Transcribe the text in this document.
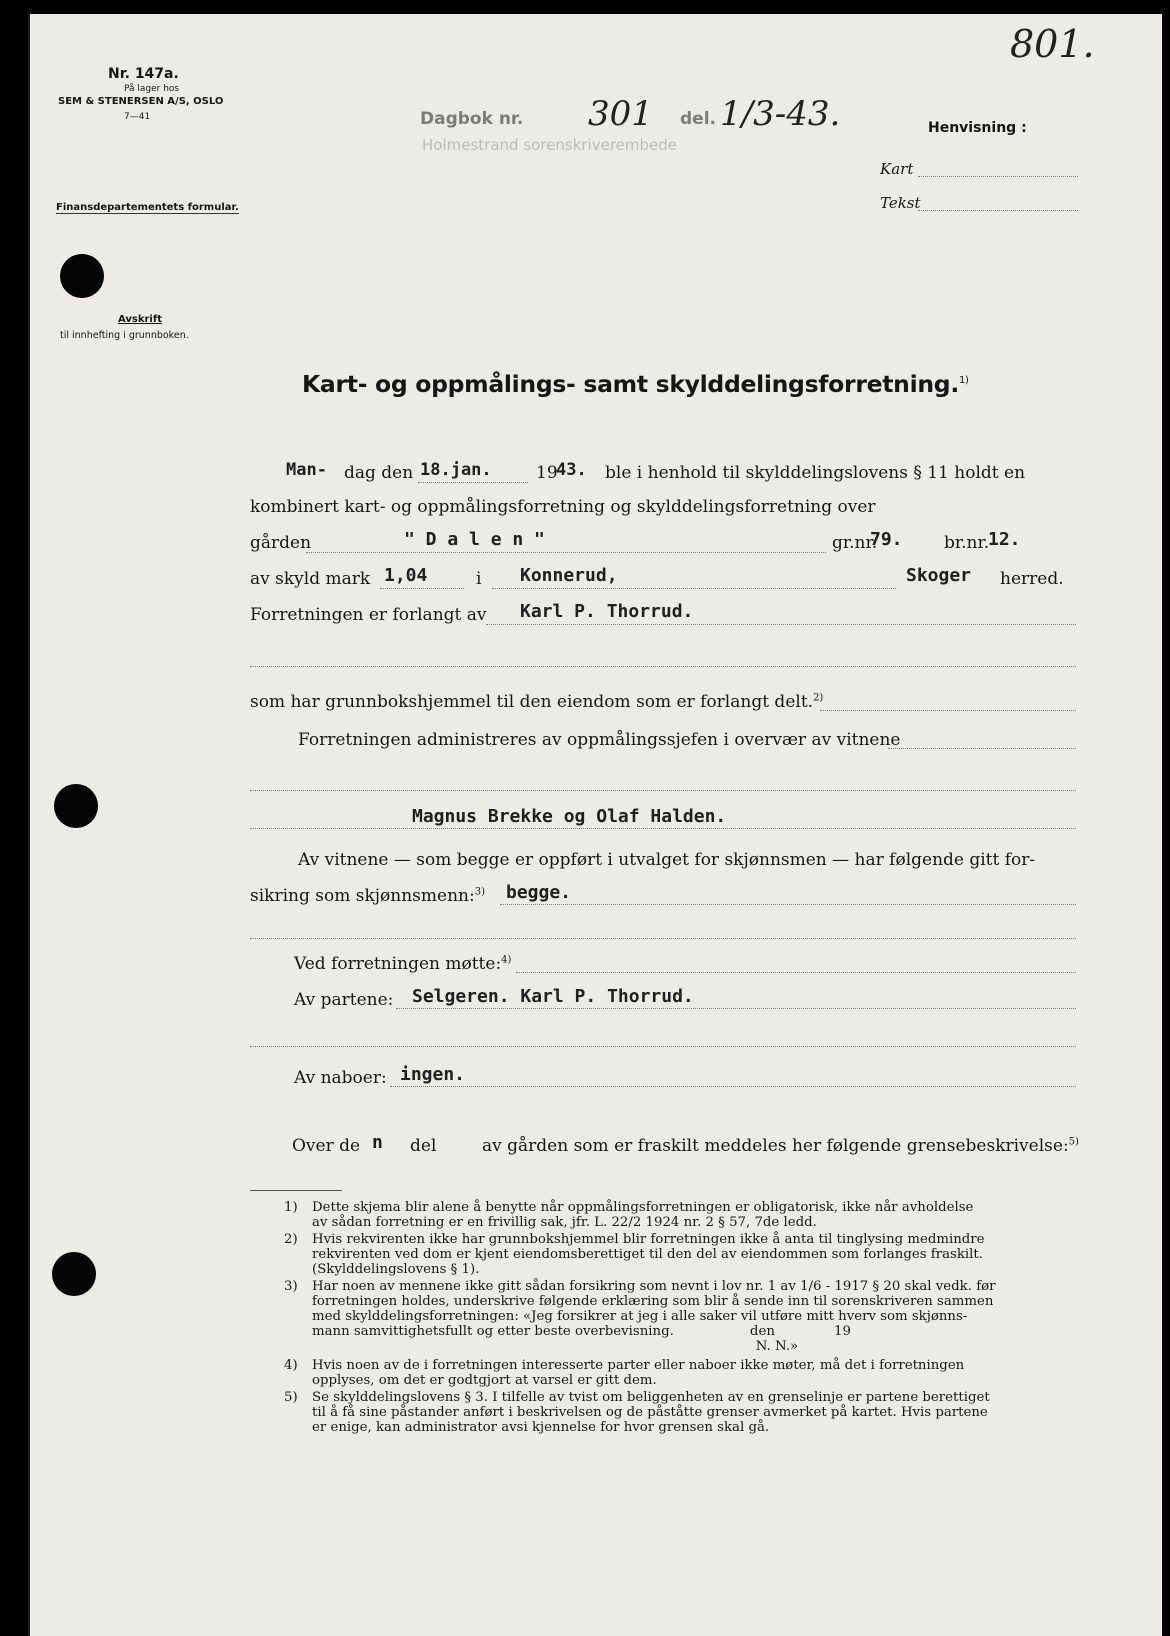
801.
Nr. 147a.
På lager hos
SEM & STENERSEN A/S, OSLO
7—41
Finansdepartementets formular.
Avskrift
til innhefting i grunnboken.
Dagbok nr. 301 del. 1/3-43.
Holmestrand sorenskriverembede
Henvisning :
Kart
Tekst
Kart- og oppmålings- samt skylddelingsforretning.$^{1)}$
Man- dag den 18.jan.	19
43. ble i henhold til skylddelingslovens § 11 holdt en
kombinert kart- og oppmålingsforretning og skylddelingsforretning over
gården	" D a l e n "	gr.nr.
79. br.nr.
12.
av skyld mark 1,04	i Konnerud,	Skoger herred.
Forretningen er forlangt av Karl P. Thorrud.
som har grunnbokshjemmel til den eiendom som er forlangt delt.$^{2)}$
Forretningen administreres av oppmålingssjefen i overvær av vitnene
Magnus Brekke og Olaf Halden.
Av vitnene — som begge er oppført i utvalget for skjønnsmen — har følgende gitt for-
sikring som skjønnsmenn:$^{3)}$ begge.
Ved forretningen møtte:$^{4)}$
Av partene: Selgeren. Karl P. Thorrud.
Av naboer: ingen.
Over de n del	av gården som er fraskilt meddeles her følgende grensebeskrivelse:$^{5)}$
1) Dette skjema blir alene å benytte når oppmålingsforretningen er obligatorisk, ikke når avholdelse
av sådan forretning er en frivillig sak, jfr. L. 22/2 1924 nr. 2 § 57, 7de ledd.
2) Hvis rekvirenten ikke har grunnbokshjemmel blir forretningen ikke å anta til tinglysing medmindre
rekvirenten ved dom er kjent eiendomsberettiget til den del av eiendommen som forlanges fraskilt.
(Skylddelingslovens § 1).
3) Har noen av mennene ikke gitt sådan forsikring som nevnt i lov nr. 1 av 1/6 - 1917 § 20 skal vedk. før
forretningen holdes, underskrive følgende erklæring som blir å sende inn til sorenskriveren sammen
med skylddelingsforretningen: «Jeg forsikrer at jeg i alle saker vil utføre mitt hverv som skjønns-
mann samvittighetsfullt og etter beste overbevisning.                  den              19
N. N.»
4) Hvis noen av de i forretningen interesserte parter eller naboer ikke møter, må det i forretningen
opplyses, om det er godtgjort at varsel er gitt dem.
5) Se skylddelingslovens § 3. I tilfelle av tvist om beliggenheten av en grenselinje er partene berettiget
til å få sine påstander anført i beskrivelsen og de påståtte grenser avmerket på kartet. Hvis partene
er enige, kan administrator avsi kjennelse for hvor grensen skal gå.
